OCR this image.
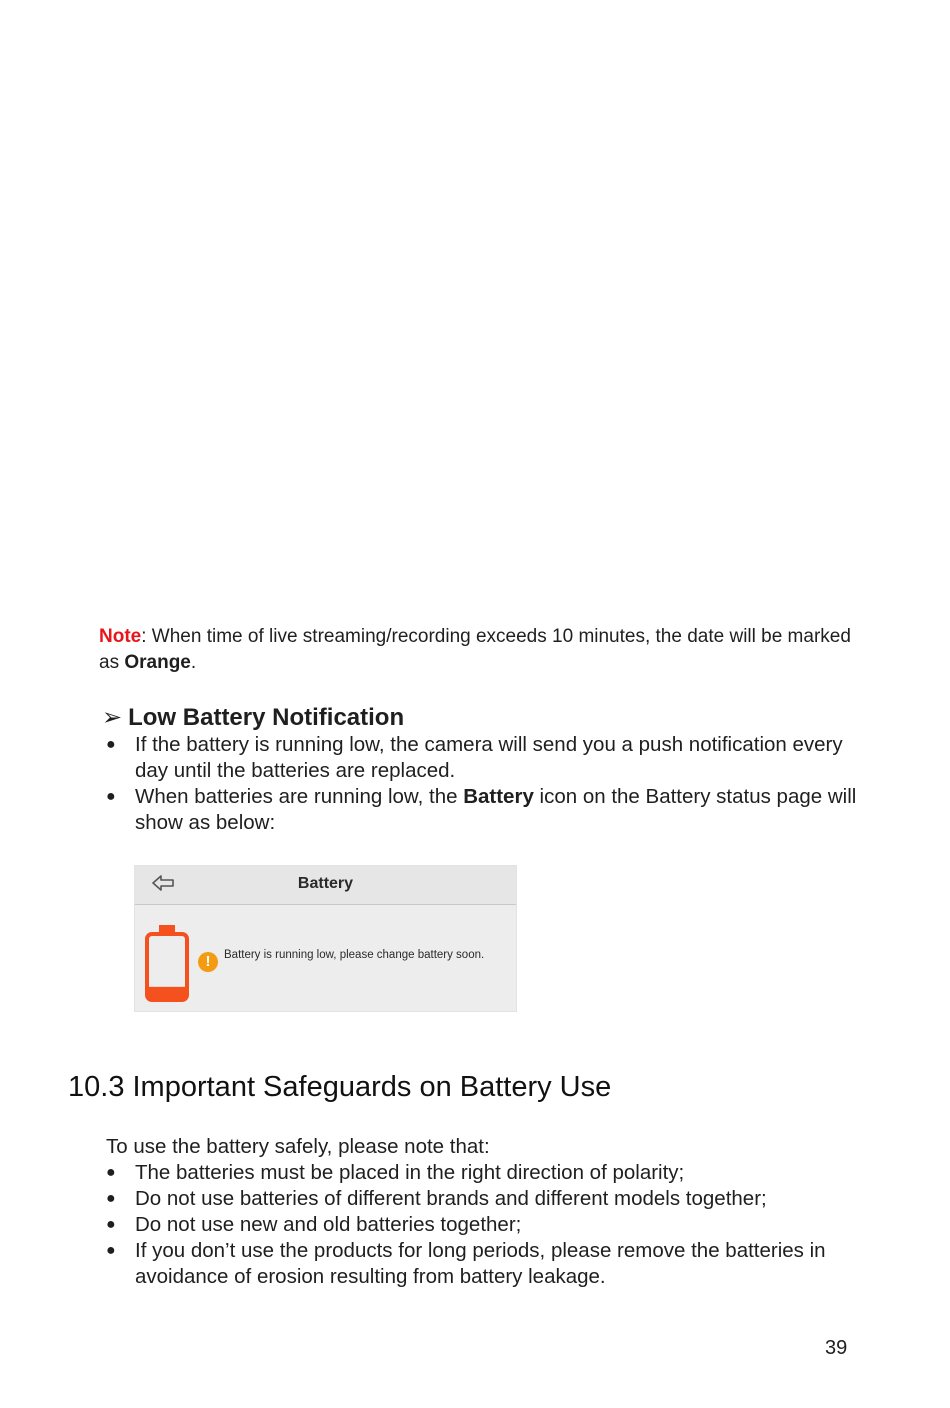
Note: When time of live streaming/recording exceeds 10 minutes, the date will be marked as Orange.
➢ Low Battery Notification
● If the battery is running low, the camera will send you a push notification every day until the batteries are replaced.
● When batteries are running low, the Battery icon on the Battery status page will show as below:
Battery
!	Battery is running low, please change battery soon.
10.3 Important Safeguards on Battery Use
To use the battery safely, please note that:
● The batteries must be placed in the right direction of polarity;
● Do not use batteries of different brands and different models together;
● Do not use new and old batteries together;
● If you don’t use the products for long periods, please remove the batteries in avoidance of erosion resulting from battery leakage.
39
